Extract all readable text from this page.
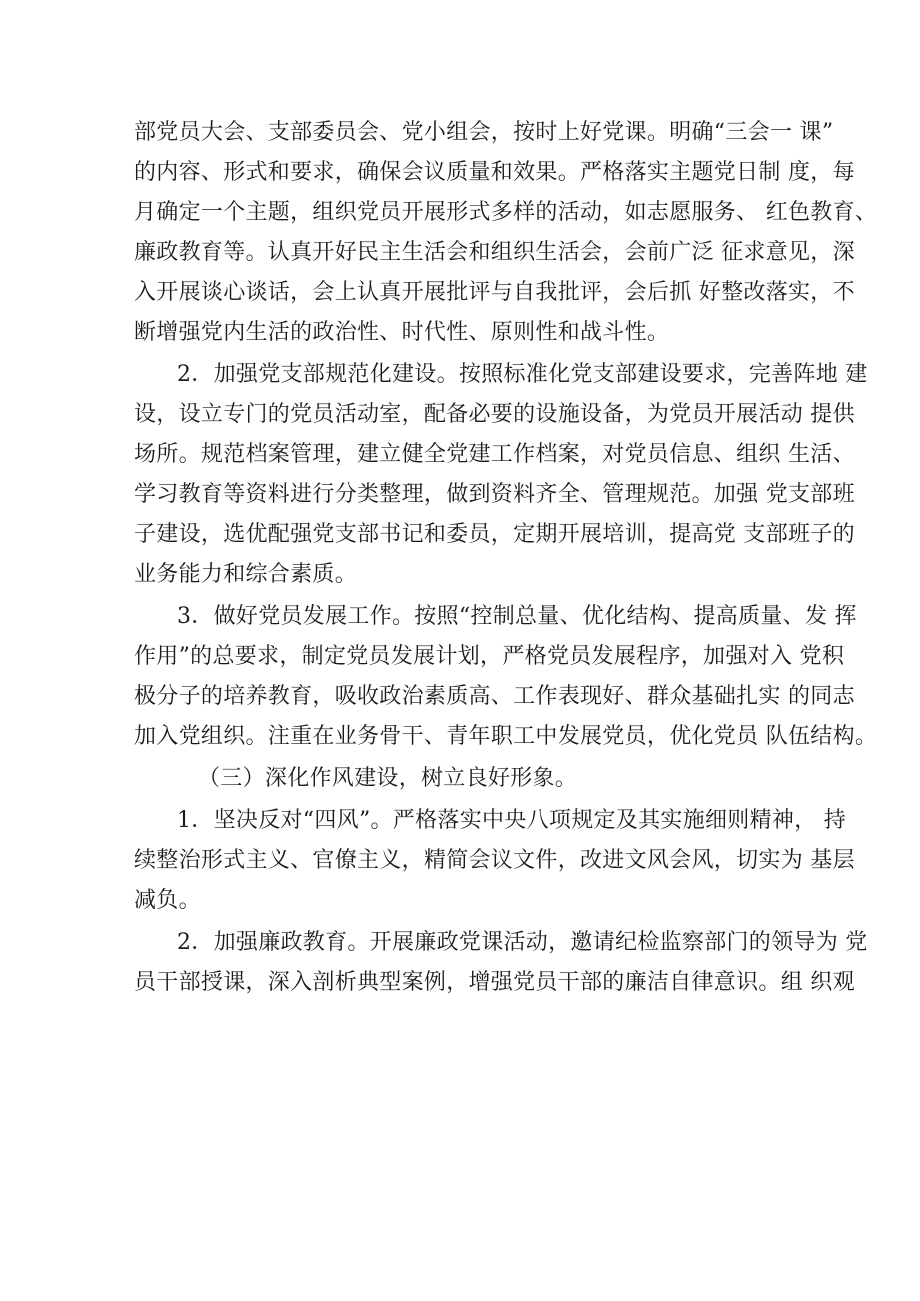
部党员大会、支部委员会、党小组会，按时上好党课。明确“三会一 课”
的内容、形式和要求，确保会议质量和效果。严格落实主题党日制 度，每
月确定一个主题，组织党员开展形式多样的活动，如志愿服务、 红色教育、
廉政教育等。认真开好民主生活会和组织生活会，会前广泛 征求意见，深
入开展谈心谈话，会上认真开展批评与自我批评，会后抓 好整改落实，不
断增强党内生活的政治性、时代性、原则性和战斗性。
2．加强党支部规范化建设。按照标准化党支部建设要求，完善阵地 建
设，设立专门的党员活动室，配备必要的设施设备，为党员开展活动 提供
场所。规范档案管理，建立健全党建工作档案，对党员信息、组织 生活、
学习教育等资料进行分类整理，做到资料齐全、管理规范。加强 党支部班
子建设，选优配强党支部书记和委员，定期开展培训，提高党 支部班子的
业务能力和综合素质。
3．做好党员发展工作。按照“控制总量、优化结构、提高质量、发 挥
作用”的总要求，制定党员发展计划，严格党员发展程序，加强对入 党积
极分子的培养教育，吸收政治素质高、工作表现好、群众基础扎实 的同志
加入党组织。注重在业务骨干、青年职工中发展党员，优化党员 队伍结构。
（三）深化作风建设，树立良好形象。
1．坚决反对“四风”。严格落实中央八项规定及其实施细则精神， 持
续整治形式主义、官僚主义，精简会议文件，改进文风会风，切实为 基层
减负。
2．加强廉政教育。开展廉政党课活动，邀请纪检监察部门的领导为 党
员干部授课，深入剖析典型案例，增强党员干部的廉洁自律意识。组 织观
